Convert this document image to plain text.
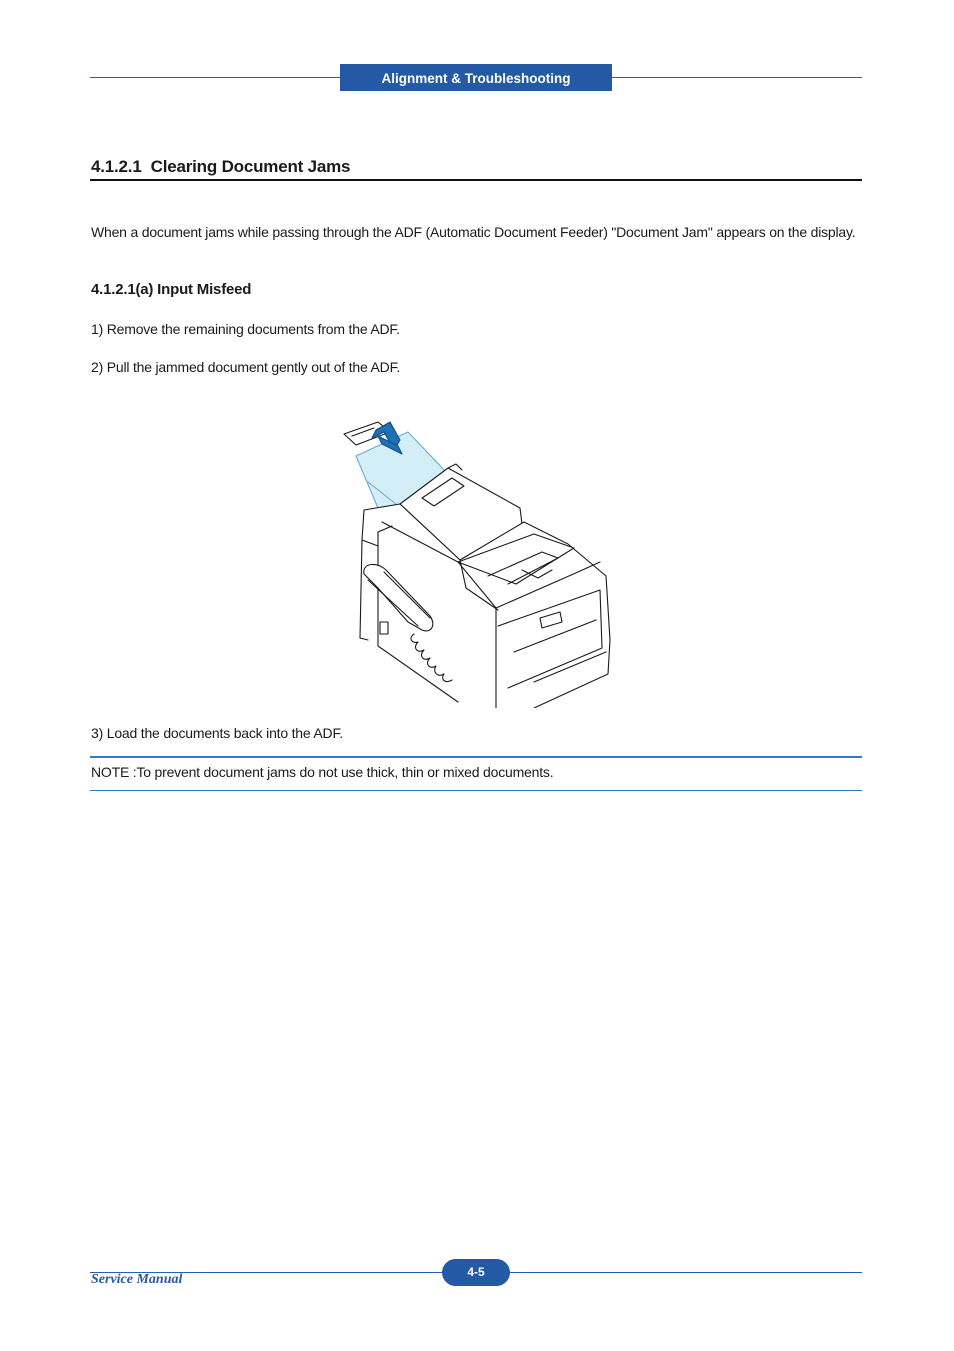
Alignment & Troubleshooting
4.1.2.1  Clearing Document Jams
When a document jams while passing through the ADF (Automatic Document Feeder) "Document Jam" appears on the display.
4.1.2.1(a) Input Misfeed
1) Remove the remaining documents from the ADF.
2) Pull the jammed document gently out of the ADF.
3) Load the documents back into the ADF.
NOTE :To prevent document jams do not use thick, thin or mixed documents.
Service Manual	4-5
